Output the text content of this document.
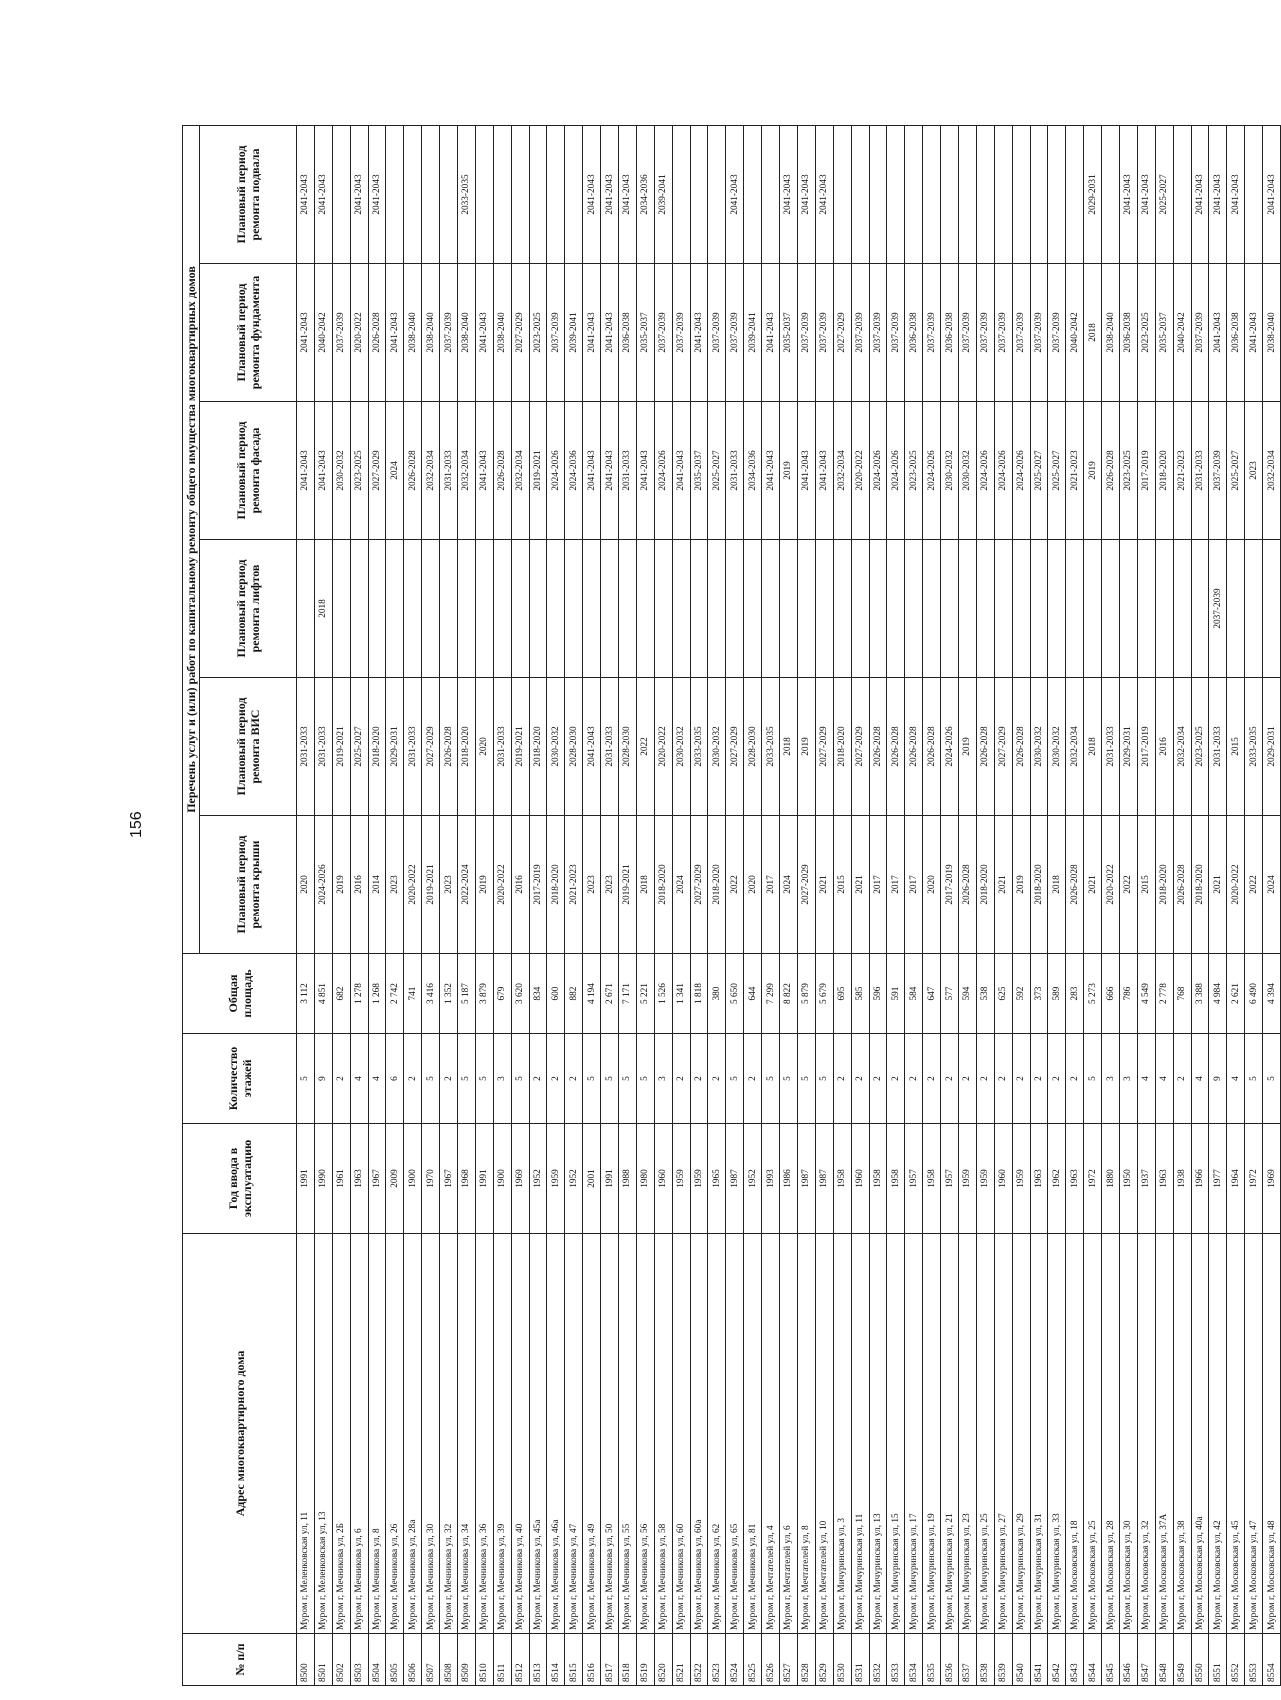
156
№ п/п	Адрес многоквартирного дома	Год ввода в эксплуатацию	Количество этажей	Общая площадь	Перечень услуг и (или) работ по капитальному ремонту общего имущества многоквартирных домов					
					Плановый период ремонта крыши	Плановый период ремонта ВИС	Плановый период ремонта лифтов	Плановый период ремонта фасада	Плановый период ремонта фундамента	Плановый период ремонта подвала
8500	Муром г, Меленковская ул, 11	1991	5	3 112	2020	2031-2033		2041-2043	2041-2043	2041-2043
8501	Муром г, Меленковская ул, 13	1990	9	4 851	2024-2026	2031-2033	2018	2041-2043	2040-2042	2041-2043
8502	Муром г, Мечникова ул, 2Б	1961	2	682	2019	2019-2021		2030-2032	2037-2039	
8503	Муром г, Мечникова ул, 6	1963	4	1 278	2016	2025-2027		2023-2025	2020-2022	2041-2043
8504	Муром г, Мечникова ул, 8	1967	4	1 268	2014	2018-2020		2027-2029	2026-2028	2041-2043
8505	Муром г, Мечникова ул, 26	2009	6	2 742	2023	2029-2031		2024	2041-2043	
8506	Муром г, Мечникова ул, 28а	1900	2	741	2020-2022	2031-2033		2026-2028	2038-2040	
8507	Муром г, Мечникова ул, 30	1970	5	3 416	2019-2021	2027-2029		2032-2034	2038-2040	
8508	Муром г, Мечникова ул, 32	1967	2	1 352	2023	2026-2028		2031-2033	2037-2039	
8509	Муром г, Мечникова ул, 34	1968	5	5 187	2022-2024	2018-2020		2032-2034	2038-2040	2033-2035
8510	Муром г, Мечникова ул, 36	1991	5	3 879	2019	2020		2041-2043	2041-2043	
8511	Муром г, Мечникова ул, 39	1900	3	679	2020-2022	2031-2033		2026-2028	2038-2040	
8512	Муром г, Мечникова ул, 40	1969	5	3 620	2016	2019-2021		2032-2034	2027-2029	
8513	Муром г, Мечникова ул, 45а	1952	2	834	2017-2019	2018-2020		2019-2021	2023-2025	
8514	Муром г, Мечникова ул, 46а	1959	2	600	2018-2020	2030-2032		2024-2026	2037-2039	
8515	Муром г, Мечникова ул, 47	1952	2	882	2021-2023	2028-2030		2024-2036	2039-2041	
8516	Муром г, Мечникова ул, 49	2001	5	4 194	2023	2041-2043		2041-2043	2041-2043	2041-2043
8517	Муром г, Мечникова ул, 50	1991	5	2 671	2023	2031-2033		2041-2043	2041-2043	2041-2043
8518	Муром г, Мечникова ул, 55	1988	5	7 171	2019-2021	2028-2030		2031-2033	2036-2038	2041-2043
8519	Муром г, Мечникова ул, 56	1980	5	5 221	2018	2022		2041-2043	2035-2037	2034-2036
8520	Муром г, Мечникова ул, 58	1960	3	1 526	2018-2020	2020-2022		2024-2026	2037-2039	2039-2041
8521	Муром г, Мечникова ул, 60	1959	2	1 341	2024	2030-2032		2041-2043	2037-2039	
8522	Муром г, Мечникова ул, 60а	1959	2	1 818	2027-2029	2033-2035		2035-2037	2041-2043	
8523	Муром г, Мечникова ул, 62	1965	2	380	2018-2020	2030-2032		2025-2027	2037-2039	
8524	Муром г, Мечникова ул, 65	1987	5	5 650	2022	2027-2029		2031-2033	2037-2039	2041-2043
8525	Муром г, Мечникова ул, 81	1952	2	644	2020	2028-2030		2034-2036	2039-2041	
8526	Муром г, Мечтателей ул, 4	1993	5	7 299	2017	2033-2035		2041-2043	2041-2043	
8527	Муром г, Мечтателей ул, 6	1986	5	8 822	2024	2018		2019	2035-2037	2041-2043
8528	Муром г, Мечтателей ул, 8	1987	5	5 879	2027-2029	2019		2041-2043	2037-2039	2041-2043
8529	Муром г, Мечтателей ул, 10	1987	5	5 679	2021	2027-2029		2041-2043	2037-2039	2041-2043
8530	Муром г, Мичуринская ул, 3	1958	2	695	2015	2018-2020		2032-2034	2027-2029	
8531	Муром г, Мичуринская ул, 11	1960	2	585	2021	2027-2029		2020-2022	2037-2039	
8532	Муром г, Мичуринская ул, 13	1958	2	596	2017	2026-2028		2024-2026	2037-2039	
8533	Муром г, Мичуринская ул, 15	1958	2	591	2017	2026-2028		2024-2026	2037-2039	
8534	Муром г, Мичуринская ул, 17	1957	2	584	2017	2026-2028		2023-2025	2036-2038	
8535	Муром г, Мичуринская ул, 19	1958	2	647	2020	2026-2028		2024-2026	2037-2039	
8536	Муром г, Мичуринская ул, 21	1957	2	577	2017-2019	2024-2026		2030-2032	2036-2038	
8537	Муром г, Мичуринская ул, 23	1959	2	594	2026-2028	2019		2030-2032	2037-2039	
8538	Муром г, Мичуринская ул, 25	1959	2	538	2018-2020	2026-2028		2024-2026	2037-2039	
8539	Муром г, Мичуринская ул, 27	1960	2	625	2021	2027-2029		2024-2026	2037-2039	
8540	Муром г, Мичуринская ул, 29	1959	2	592	2019	2026-2028		2024-2026	2037-2039	
8541	Муром г, Мичуринская ул, 31	1963	2	373	2018-2020	2030-2032		2025-2027	2037-2039	
8542	Муром г, Мичуринская ул, 33	1962	2	589	2018	2030-2032		2025-2027	2037-2039	
8543	Муром г, Московская ул, 18	1963	2	283	2026-2028	2032-2034		2021-2023	2040-2042	
8544	Муром г, Московская ул, 25	1972	5	5 273	2021	2018		2019	2018	2029-2031
8545	Муром г, Московская ул, 28	1880	3	666	2020-2022	2031-2033		2026-2028	2038-2040	
8546	Муром г, Московская ул, 30	1950	3	786	2022	2029-2031		2023-2025	2036-2038	2041-2043
8547	Муром г, Московская ул, 32	1937	4	4 549	2015	2017-2019		2017-2019	2023-2025	2041-2043
8548	Муром г, Московская ул, 37А	1963	4	2 778	2018-2020	2016		2018-2020	2035-2037	2025-2027
8549	Муром г, Московская ул, 38	1938	2	768	2026-2028	2032-2034		2021-2023	2040-2042	
8550	Муром г, Московская ул, 40а	1966	4	3 388	2018-2020	2023-2025		2031-2033	2037-2039	2041-2043
8551	Муром г, Московская ул, 42	1977	9	4 984	2021	2031-2033	2037-2039	2037-2039	2041-2043	2041-2043
8552	Муром г, Московская ул, 45	1964	4	2 621	2020-2022	2015		2025-2027	2036-2038	2041-2043
8553	Муром г, Московская ул, 47	1972	5	6 490	2022	2033-2035		2023	2041-2043	
8554	Муром г, Московская ул, 48	1969	5	4 394	2024	2029-2031		2032-2034	2038-2040	2041-2043
